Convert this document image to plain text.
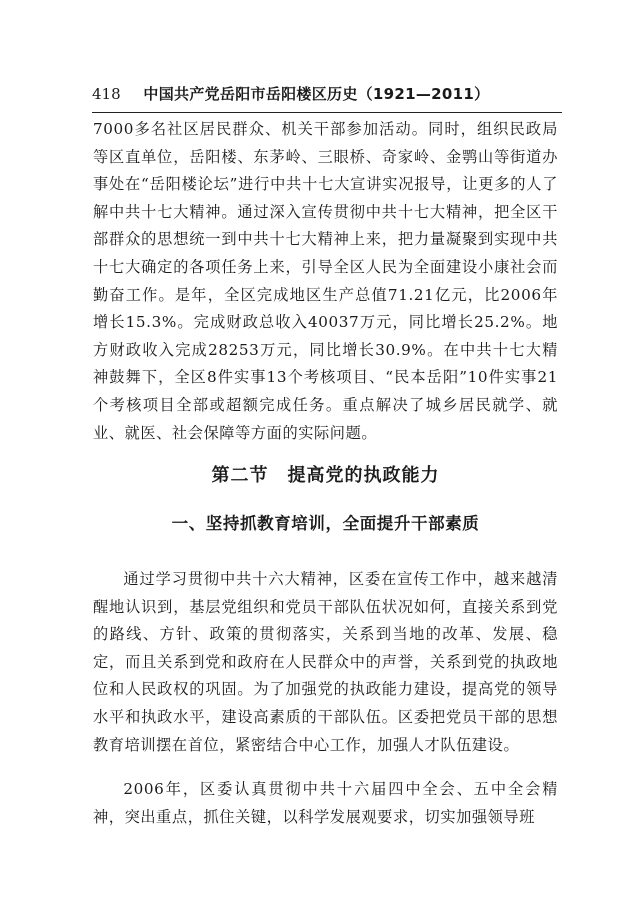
418 中国共产党岳阳市岳阳楼区历史（1921—2011）

7000多名社区居民群众、机关干部参加活动。同时，组织民政局等区直单位，岳阳楼、东茅岭、三眼桥、奇家岭、金鹗山等街道办事处在“岳阳楼论坛”进行中共十七大宣讲实况报导，让更多的人了解中共十七大精神。通过深入宣传贯彻中共十七大精神，把全区干部群众的思想统一到中共十七大精神上来，把力量凝聚到实现中共十七大确定的各项任务上来，引导全区人民为全面建设小康社会而勤奋工作。是年，全区完成地区生产总值71.21亿元，比2006年增长15.3%。完成财政总收入40037万元，同比增长25.2%。地方财政收入完成28253万元，同比增长30.9%。在中共十七大精神鼓舞下，全区8件实事13个考核项目、“民本岳阳”10件实事21个考核项目全部或超额完成任务。重点解决了城乡居民就学、就业、就医、社会保障等方面的实际问题。

第二节　提高党的执政能力
一、坚持抓教育培训，全面提升干部素质

通过学习贯彻中共十六大精神，区委在宣传工作中，越来越清醒地认识到，基层党组织和党员干部队伍状况如何，直接关系到党的路线、方针、政策的贯彻落实，关系到当地的改革、发展、稳定，而且关系到党和政府在人民群众中的声誉，关系到党的执政地位和人民政权的巩固。为了加强党的执政能力建设，提高党的领导水平和执政水平，建设高素质的干部队伍。区委把党员干部的思想教育培训摆在首位，紧密结合中心工作，加强人才队伍建设。

2006年，区委认真贯彻中共十六届四中全会、五中全会精神，突出重点，抓住关键，以科学发展观要求，切实加强领导班
